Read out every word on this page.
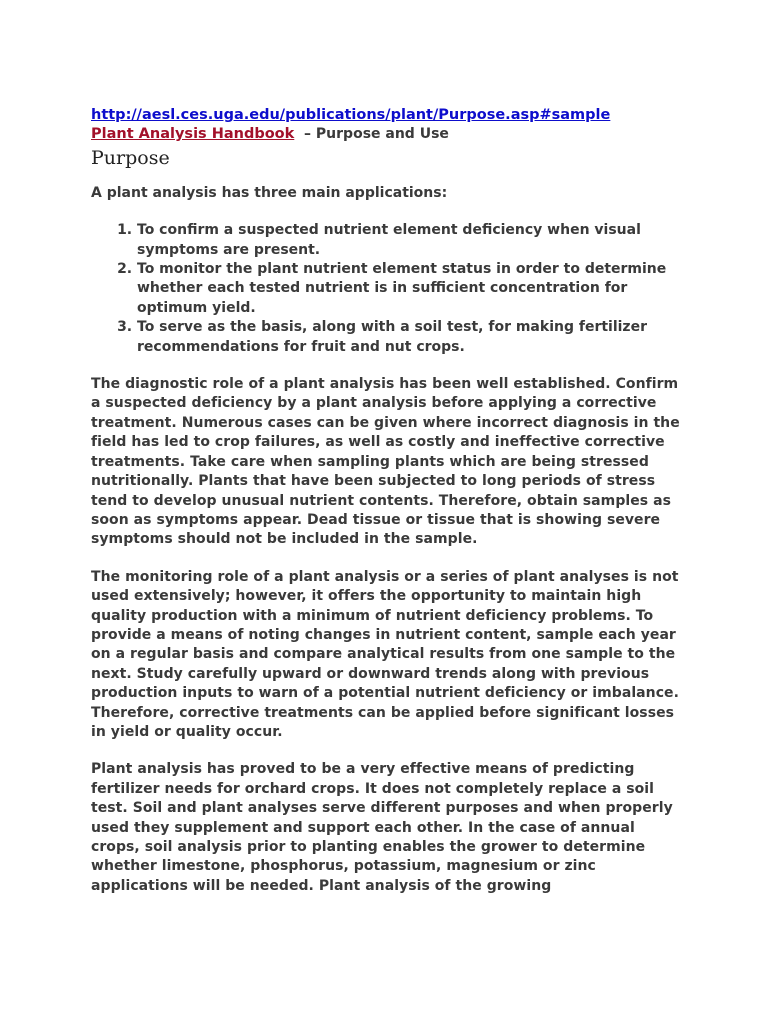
http://aesl.ces.uga.edu/publications/plant/Purpose.asp#sample

Plant Analysis Handbook – Purpose and Use

Purpose

A plant analysis has three main applications:

1. To confirm a suspected nutrient element deficiency when visual symptoms are present.
2. To monitor the plant nutrient element status in order to determine whether each tested nutrient is in sufficient concentration for optimum yield.
3. To serve as the basis, along with a soil test, for making fertilizer recommendations for fruit and nut crops.

The diagnostic role of a plant analysis has been well established. Confirm a suspected deficiency by a plant analysis before applying a corrective treatment. Numerous cases can be given where incorrect diagnosis in the field has led to crop failures, as well as costly and ineffective corrective treatments. Take care when sampling plants which are being stressed nutritionally. Plants that have been subjected to long periods of stress tend to develop unusual nutrient contents. Therefore, obtain samples as soon as symptoms appear. Dead tissue or tissue that is showing severe symptoms should not be included in the sample.

The monitoring role of a plant analysis or a series of plant analyses is not used extensively; however, it offers the opportunity to maintain high quality production with a minimum of nutrient deficiency problems. To provide a means of noting changes in nutrient content, sample each year on a regular basis and compare analytical results from one sample to the next. Study carefully upward or downward trends along with previous production inputs to warn of a potential nutrient deficiency or imbalance. Therefore, corrective treatments can be applied before significant losses in yield or quality occur.

Plant analysis has proved to be a very effective means of predicting fertilizer needs for orchard crops. It does not completely replace a soil test. Soil and plant analyses serve different purposes and when properly used they supplement and support each other. In the case of annual crops, soil analysis prior to planting enables the grower to determine whether limestone, phosphorus, potassium, magnesium or zinc applications will be needed. Plant analysis of the growing
